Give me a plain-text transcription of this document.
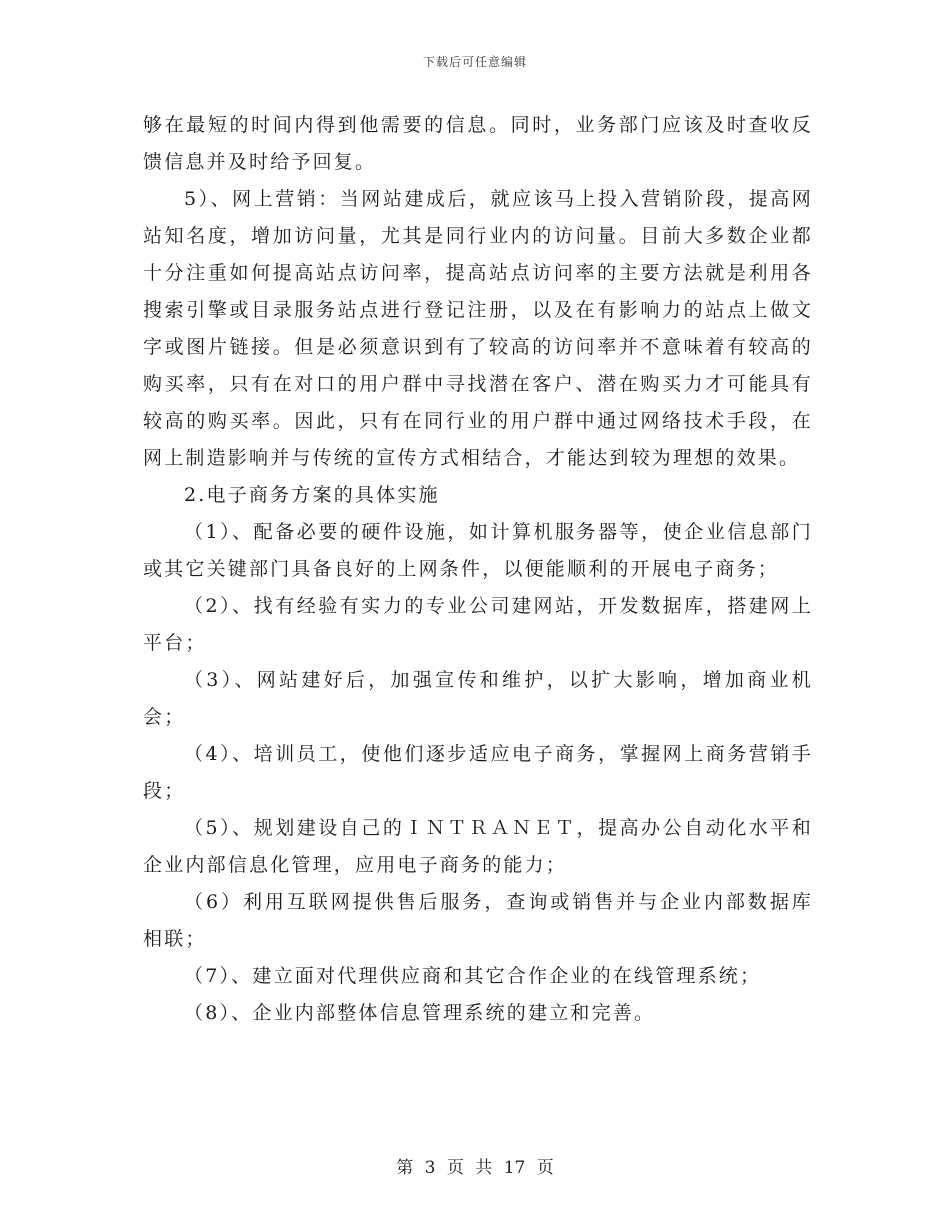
下载后可任意编辑

够在最短的时间内得到他需要的信息。同时，业务部门应该及时查收反馈信息并及时给予回复。

5）、网上营销：当网站建成后，就应该马上投入营销阶段，提高网站知名度，增加访问量，尤其是同行业内的访问量。目前大多数企业都十分注重如何提高站点访问率，提高站点访问率的主要方法就是利用各搜索引擎或目录服务站点进行登记注册，以及在有影响力的站点上做文字或图片链接。但是必须意识到有了较高的访问率并不意味着有较高的购买率，只有在对口的用户群中寻找潜在客户、潜在购买力才可能具有较高的购买率。因此，只有在同行业的用户群中通过网络技术手段，在网上制造影响并与传统的宣传方式相结合，才能达到较为理想的效果。

2.电子商务方案的具体实施

（1）、配备必要的硬件设施，如计算机服务器等，使企业信息部门或其它关键部门具备良好的上网条件，以便能顺利的开展电子商务；

（2）、找有经验有实力的专业公司建网站，开发数据库，搭建网上平台；

（3）、网站建好后，加强宣传和维护，以扩大影响，增加商业机会；

（4）、培训员工，使他们逐步适应电子商务，掌握网上商务营销手段；

（5）、规划建设自己的ＩＮＴＲＡＮＥＴ，提高办公自动化水平和企业内部信息化管理，应用电子商务的能力；

（6）利用互联网提供售后服务，查询或销售并与企业内部数据库相联；

（7）、建立面对代理供应商和其它合作企业的在线管理系统；

（8）、企业内部整体信息管理系统的建立和完善。

第 3 页 共 17 页
